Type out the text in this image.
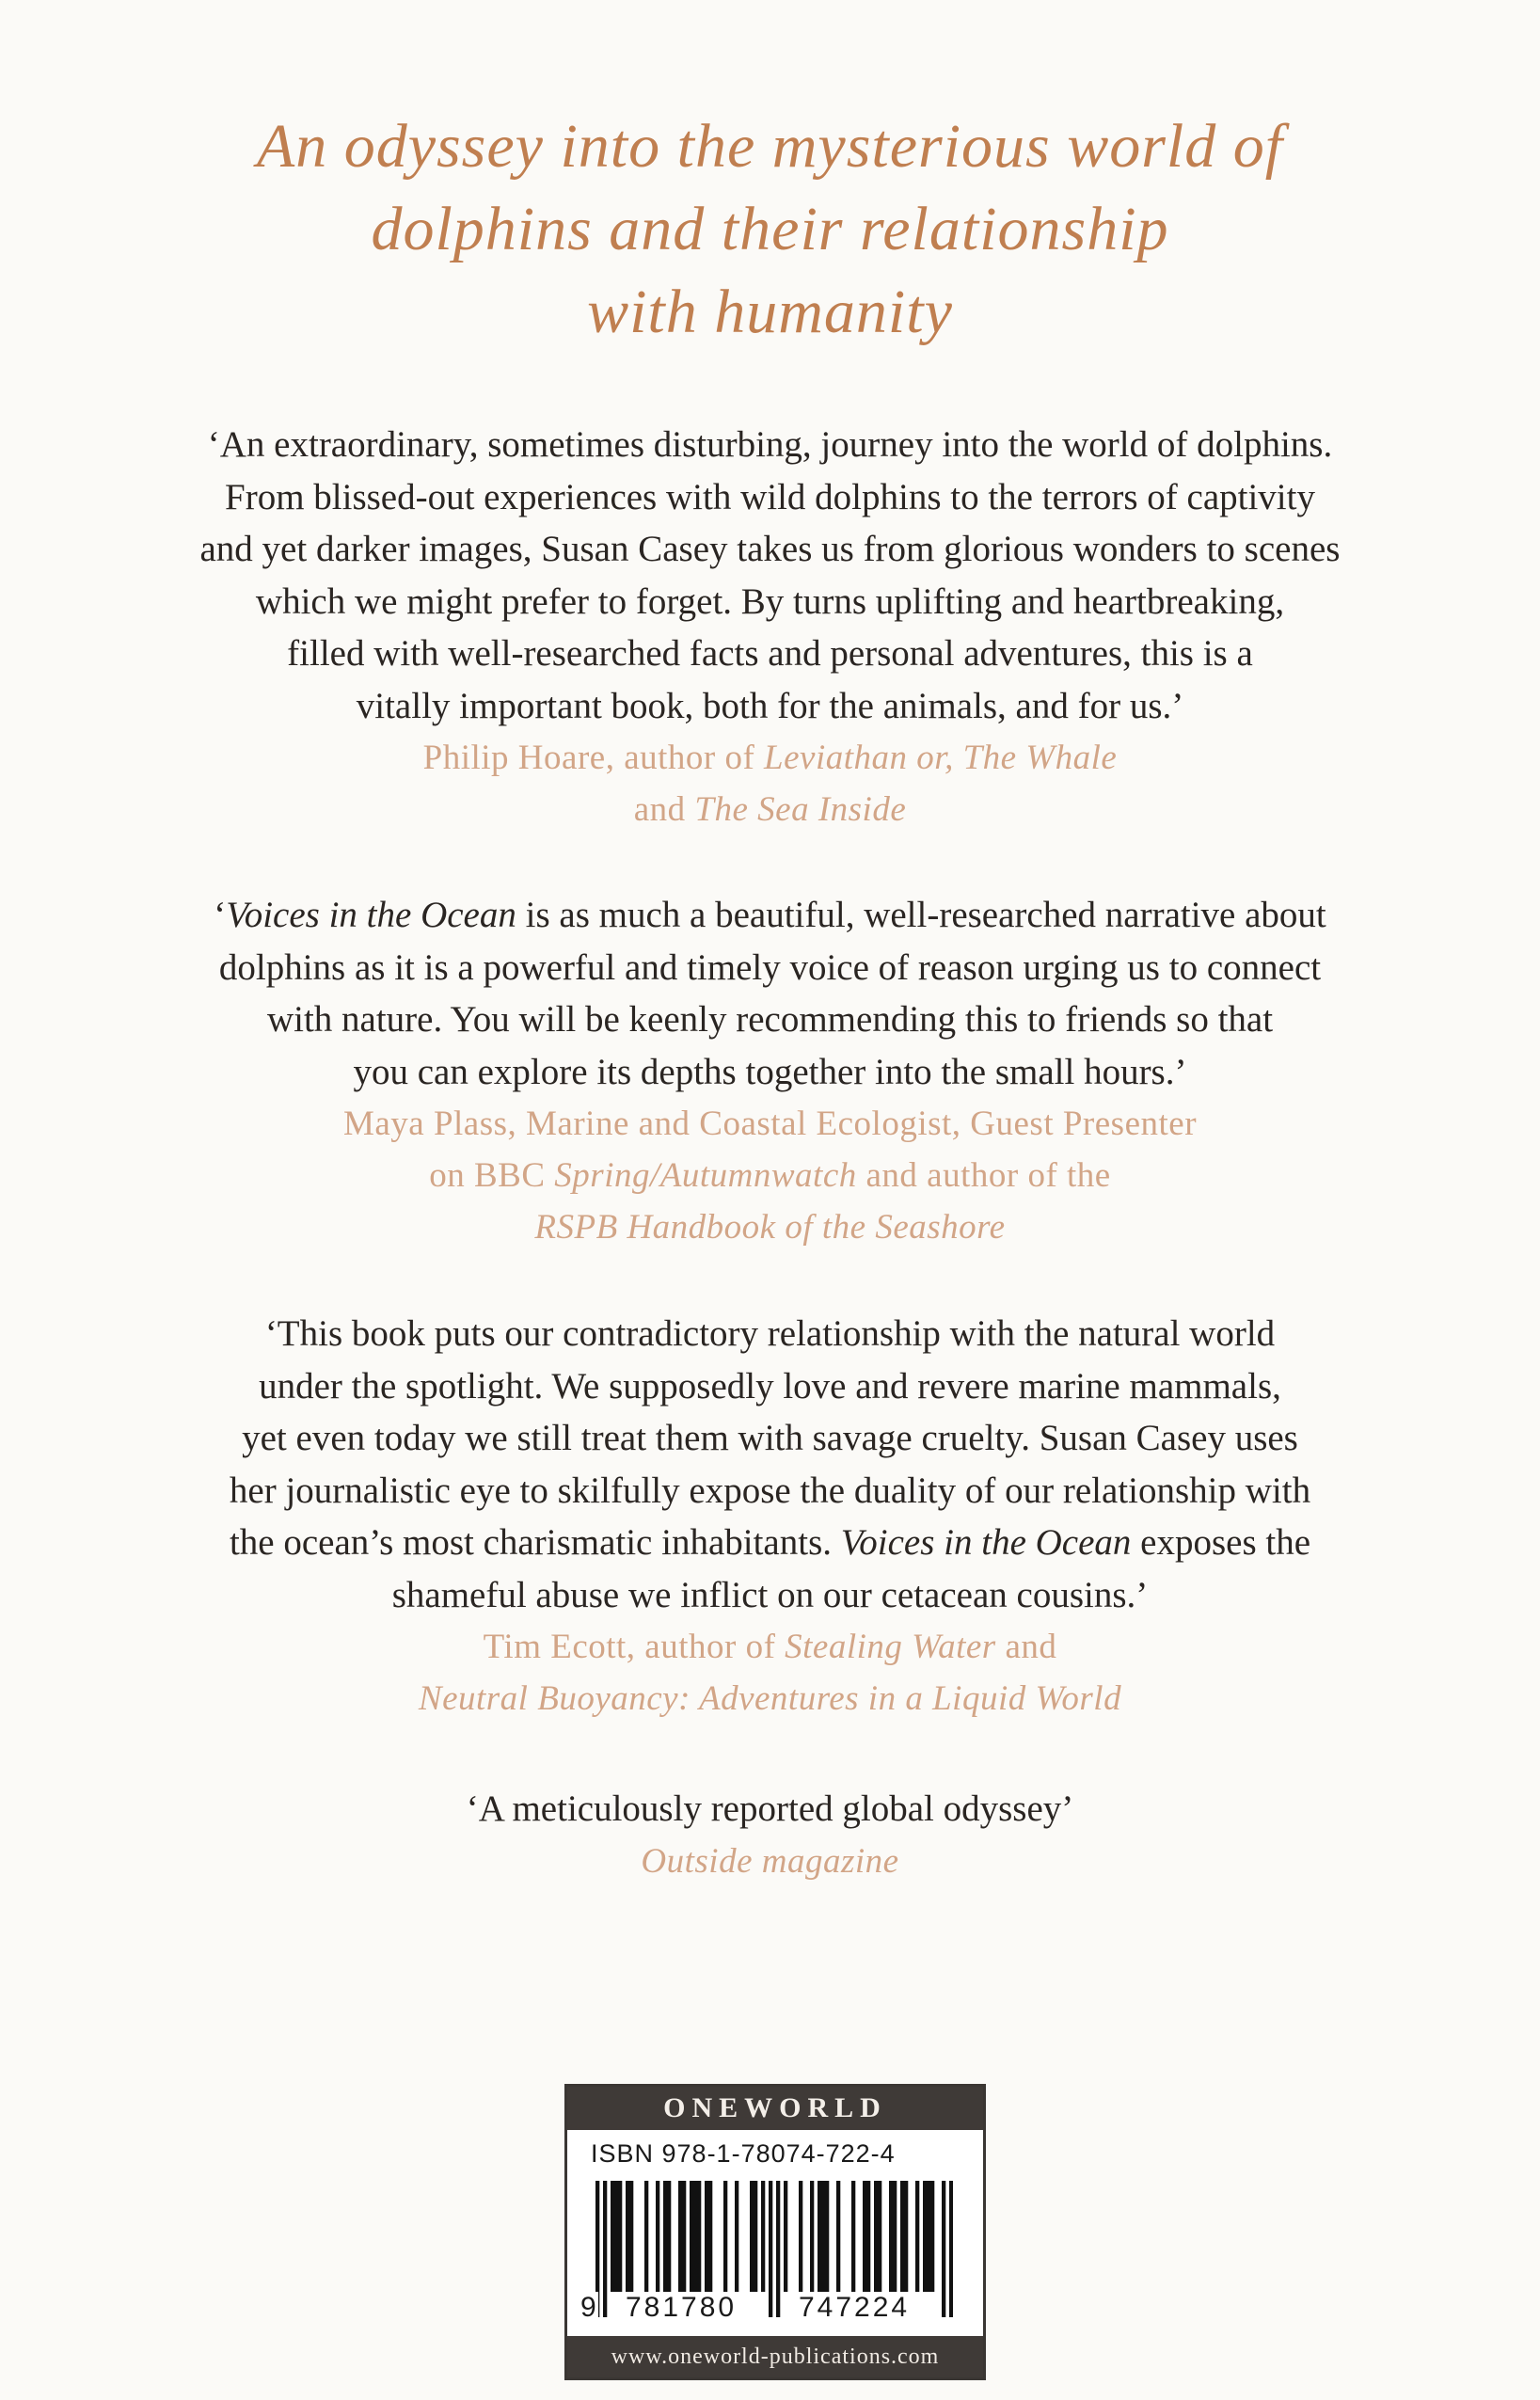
An odyssey into the mysterious world of
dolphins and their relationship
with humanity
‘An extraordinary, sometimes disturbing, journey into the world of dolphins.
From blissed-out experiences with wild dolphins to the terrors of captivity
and yet darker images, Susan Casey takes us from glorious wonders to scenes
which we might prefer to forget. By turns uplifting and heartbreaking,
filled with well-researched facts and personal adventures, this is a
vitally important book, both for the animals, and for us.’
Philip Hoare, author of Leviathan or, The Whale
and The Sea Inside
‘Voices in the Ocean is as much a beautiful, well-researched narrative about
dolphins as it is a powerful and timely voice of reason urging us to connect
with nature. You will be keenly recommending this to friends so that
you can explore its depths together into the small hours.’
Maya Plass, Marine and Coastal Ecologist, Guest Presenter
on BBC Spring/Autumnwatch and author of the
RSPB Handbook of the Seashore
‘This book puts our contradictory relationship with the natural world
under the spotlight. We supposedly love and revere marine mammals,
yet even today we still treat them with savage cruelty. Susan Casey uses
her journalistic eye to skilfully expose the duality of our relationship with
the ocean’s most charismatic inhabitants. Voices in the Ocean exposes the
shameful abuse we inflict on our cetacean cousins.’
Tim Ecott, author of Stealing Water and
Neutral Buoyancy: Adventures in a Liquid World
‘A meticulously reported global odyssey’
Outside magazine
ONEWORLD
ISBN 978-1-78074-722-4
9 781780 747224
www.oneworld-publications.com
